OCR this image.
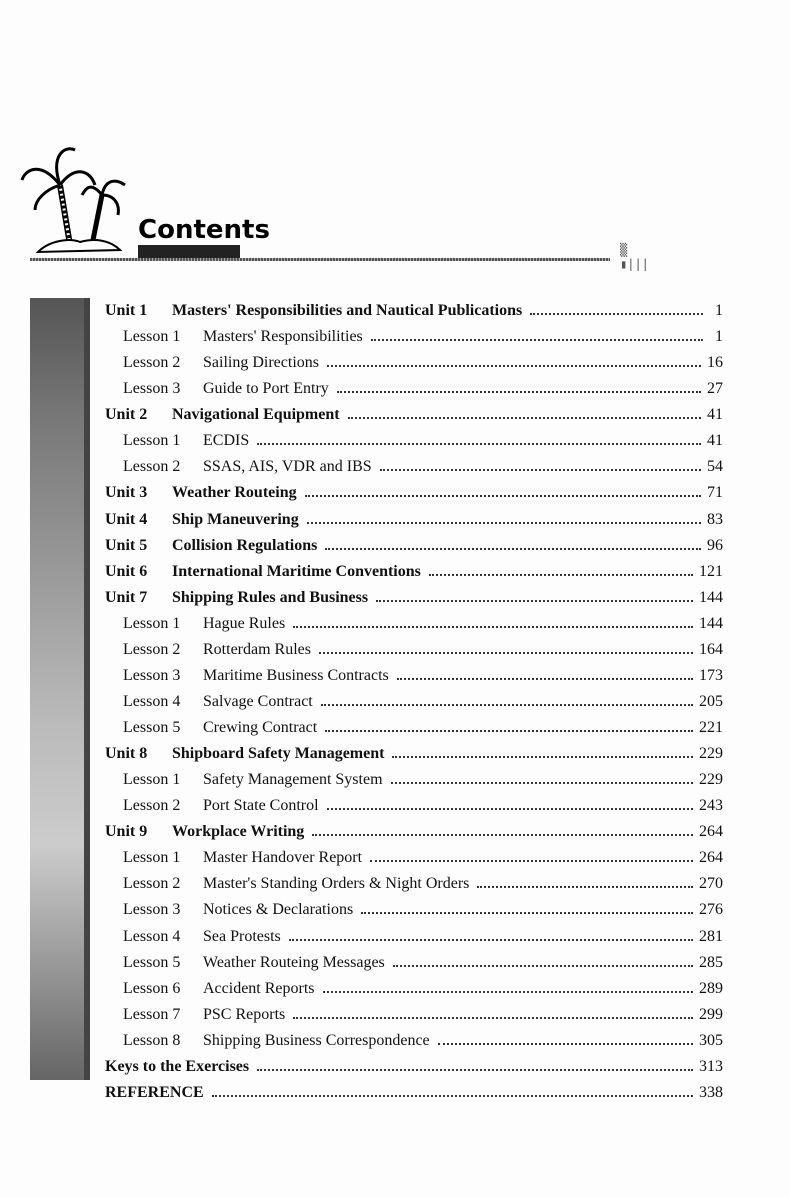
Contents
▒ ▮|||
Unit 1	Masters' Responsibilities and Nautical Publications	1
Lesson 1	Masters' Responsibilities	1
Lesson 2	Sailing Directions	16
Lesson 3	Guide to Port Entry	27
Unit 2	Navigational Equipment	41
Lesson 1	ECDIS	41
Lesson 2	SSAS, AIS, VDR and IBS	54
Unit 3	Weather Routeing	71
Unit 4	Ship Maneuvering	83
Unit 5	Collision Regulations	96
Unit 6	International Maritime Conventions	121
Unit 7	Shipping Rules and Business	144
Lesson 1	Hague Rules	144
Lesson 2	Rotterdam Rules	164
Lesson 3	Maritime Business Contracts	173
Lesson 4	Salvage Contract	205
Lesson 5	Crewing Contract	221
Unit 8	Shipboard Safety Management	229
Lesson 1	Safety Management System	229
Lesson 2	Port State Control	243
Unit 9	Workplace Writing	264
Lesson 1	Master Handover Report	264
Lesson 2	Master's Standing Orders & Night Orders	270
Lesson 3	Notices & Declarations	276
Lesson 4	Sea Protests	281
Lesson 5	Weather Routeing Messages	285
Lesson 6	Accident Reports	289
Lesson 7	PSC Reports	299
Lesson 8	Shipping Business Correspondence	305
Keys to the Exercises	313
REFERENCE	338
